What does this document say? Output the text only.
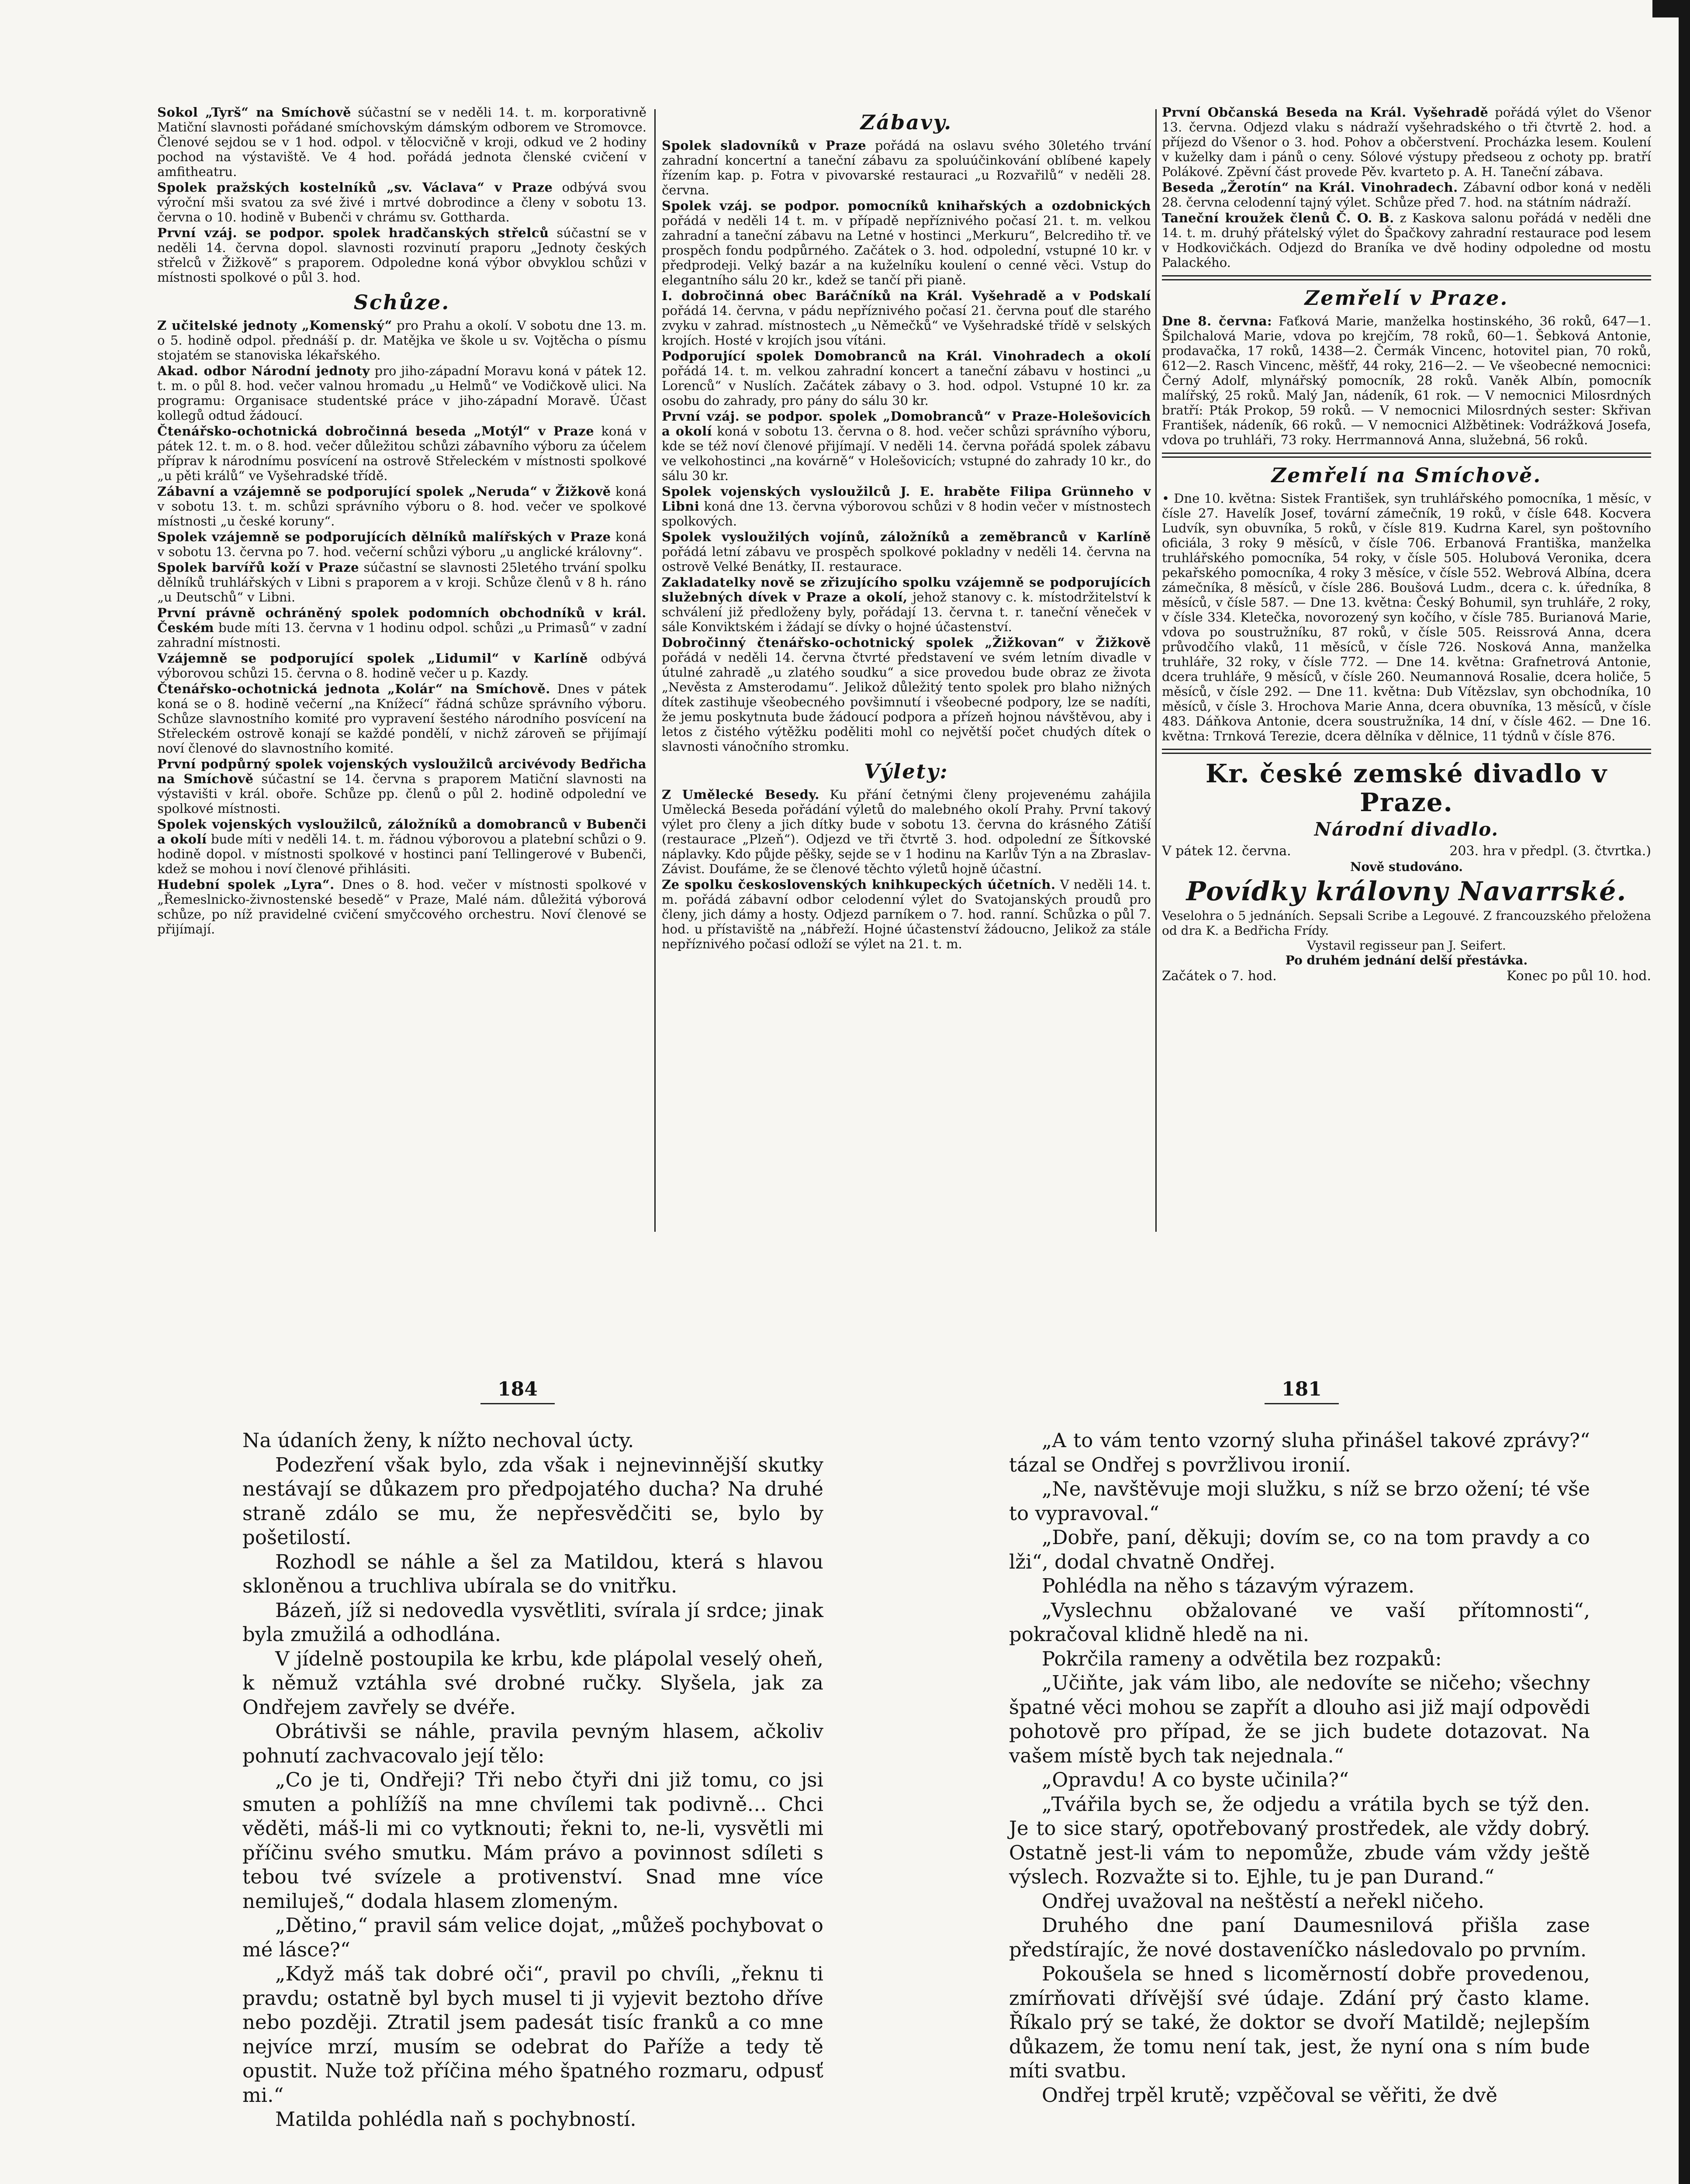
Sokol „Tyrš“ na Smíchově súčastní se v neděli 14. t. m. korporativně Matiční slavnosti pořádané smíchovským dámským odborem ve Stromovce. Členové sejdou se v 1 hod. odpol. v tělocvičně v kroji, odkud ve 2 hodiny pochod na výstaviště. Ve 4 hod. pořádá jednota členské cvičení v amfitheatru.

Spolek pražských kostelníků „sv. Václava“ v Praze odbývá svou výroční mši svatou za své živé i mrtvé dobrodince a členy v sobotu 13. června o 10. hodině v Bubenči v chrámu sv. Gottharda.

První vzáj. se podpor. spolek hradčanských střelců súčastní se v neděli 14. června dopol. slavnosti rozvinutí praporu „Jednoty českých střelců v Žižkově“ s praporem. Odpoledne koná výbor obvyklou schůzi v místnosti spolkové o půl 3. hod.

Schůze.

Z učitelské jednoty „Komenský“ pro Prahu a okolí. V sobotu dne 13. m. o 5. hodině odpol. přednáší p. dr. Matějka ve škole u sv. Vojtěcha o písmu stojatém se stanoviska lékařského.

Akad. odbor Národní jednoty pro jiho-západní Moravu koná v pátek 12. t. m. o půl 8. hod. večer valnou hromadu „u Helmů“ ve Vodičkově ulici. Na programu: Organisace studentské práce v jiho-západní Moravě. Účast kollegů odtud žádoucí.

Čtenářsko-ochotnická dobročinná beseda „Motýl“ v Praze koná v pátek 12. t. m. o 8. hod. večer důležitou schůzi zábavního výboru za účelem příprav k národnímu posvícení na ostrově Střeleckém v místnosti spolkové „u pěti králů“ ve Vyšehradské třídě.

Zábavní a vzájemně se podporující spolek „Neruda“ v Žižkově koná v sobotu 13. t. m. schůzi správního výboru o 8. hod. večer ve spolkové místnosti „u české koruny“.

Spolek vzájemně se podporujících dělníků malířských v Praze koná v sobotu 13. června po 7. hod. večerní schůzi výboru „u anglické královny“.

Spolek barvířů koží v Praze súčastní se slavnosti 25letého trvání spolku dělníků truhlářských v Libni s praporem a v kroji. Schůze členů v 8 h. ráno „u Deutschů“ v Libni.

První právně ochráněný spolek podomních obchodníků v král. Českém bude míti 13. června v 1 hodinu odpol. schůzi „u Primasů“ v zadní zahradní místnosti.

Vzájemně se podporující spolek „Lidumil“ v Karlíně odbývá výborovou schůzi 15. června o 8. hodině večer u p. Kazdy.

Čtenářsko-ochotnická jednota „Kolár“ na Smíchově. Dnes v pátek koná se o 8. hodině večerní „na Knížecí“ řádná schůze správního výboru. Schůze slavnostního komité pro vypravení šestého národního posvícení na Střeleckém ostrově konají se každé pondělí, v nichž zároveň se přijímají noví členové do slavnostního komité.

První podpůrný spolek vojenských vysloužilců arcivévody Bedřicha na Smíchově súčastní se 14. června s praporem Matiční slavnosti na výstavišti v král. oboře. Schůze pp. členů o půl 2. hodině odpolední ve spolkové místnosti.

Spolek vojenských vysloužilců, záložníků a domobranců v Bubenči a okolí bude míti v neděli 14. t. m. řádnou výborovou a platební schůzi o 9. hodině dopol. v místnosti spolkové v hostinci paní Tellingerové v Bubenči, kdež se mohou i noví členové přihlásiti.

Hudební spolek „Lyra“. Dnes o 8. hod. večer v místnosti spolkové v „Řemeslnicko-živnostenské besedě“ v Praze, Malé nám. důležitá výborová schůze, po níž pravidelné cvičení smyčcového orchestru. Noví členové se přijímají.

Zábavy.

Spolek sladovníků v Praze pořádá na oslavu svého 30letého trvání zahradní koncertní a taneční zábavu za spoluúčinkování oblíbené kapely řízením kap. p. Fotra v pivovarské restauraci „u Rozvařilů“ v neděli 28. června.

Spolek vzáj. se podpor. pomocníků knihařských a ozdobnických pořádá v neděli 14 t. m. v případě nepříznivého počasí 21. t. m. velkou zahradní a taneční zábavu na Letné v hostinci „Merkuru“, Belcrediho tř. ve prospěch fondu podpůrného. Začátek o 3. hod. odpolední, vstupné 10 kr. v předprodeji. Velký bazár a na kuželníku koulení o cenné věci. Vstup do elegantního sálu 20 kr., kdež se tančí při pianě.

I. dobročinná obec Baráčníků na Král. Vyšehradě a v Podskalí pořádá 14. června, v pádu nepříznivého počasí 21. června pouť dle starého zvyku v zahrad. místnostech „u Němečků“ ve Vyšehradské třídě v selských krojích. Hosté v krojích jsou vítáni.

Podporující spolek Domobranců na Král. Vinohradech a okolí pořádá 14. t. m. velkou zahradní koncert a taneční zábavu v hostinci „u Lorenců“ v Nuslích. Začátek zábavy o 3. hod. odpol. Vstupné 10 kr. za osobu do zahrady, pro pány do sálu 30 kr.

První vzáj. se podpor. spolek „Domobranců“ v Praze-Holešovicích a okolí koná v sobotu 13. června o 8. hod. večer schůzi správního výboru, kde se též noví členové přijímají. V neděli 14. června pořádá spolek zábavu ve velkohostinci „na kovárně“ v Holešovicích; vstupné do zahrady 10 kr., do sálu 30 kr.

Spolek vojenských vysloužilců J. E. hraběte Filipa Grünneho v Libni koná dne 13. června výborovou schůzi v 8 hodin večer v místnostech spolkových.

Spolek vysloužilých vojínů, záložníků a zeměbranců v Karlíně pořádá letní zábavu ve prospěch spolkové pokladny v neděli 14. června na ostrově Velké Benátky, II. restaurace.

Zakladatelky nově se zřizujícího spolku vzájemně se podporujících služebných dívek v Praze a okolí, jehož stanovy c. k. místodržitelství k schválení již předloženy byly, pořádají 13. června t. r. taneční věneček v sále Konviktském i žádají se dívky o hojné účastenství.

Dobročinný čtenářsko-ochotnický spolek „Žižkovan“ v Žižkově pořádá v neděli 14. června čtvrté představení ve svém letním divadle v útulné zahradě „u zlatého soudku“ a sice provedou bude obraz ze života „Nevěsta z Amsterodamu“. Jelikož důležitý tento spolek pro blaho nižných dítek zastihuje všeobecného povšimnutí i všeobecné podpory, lze se nadíti, že jemu poskytnuta bude žádoucí podpora a přízeň hojnou návštěvou, aby i letos z čistého výtěžku poděliti mohl co největší počet chudých dítek o slavnosti vánočního stromku.

Výlety:

Z Umělecké Besedy. Ku přání četnými členy projevenému zahájila Umělecká Beseda pořádání výletů do malebného okolí Prahy. První takový výlet pro členy a jich dítky bude v sobotu 13. června do krásného Zátiší (restaurace „Plzeň“). Odjezd ve tři čtvrtě 3. hod. odpolední ze Šítkovské náplavky. Kdo půjde pěšky, sejde se v 1 hodinu na Karlův Týn a na Zbraslav-Závist. Doufáme, že se členové těchto výletů hojně účastní.

Ze spolku československých knihkupeckých účetních. V neděli 14. t. m. pořádá zábavní odbor celodenní výlet do Svatojanských proudů pro členy, jich dámy a hosty. Odjezd parníkem o 7. hod. ranní. Schůzka o půl 7. hod. u přístaviště na „nábřeží. Hojné účastenství žádoucno, Jelikož za stále nepříznivého počasí odloží se výlet na 21. t. m.

První Občanská Beseda na Král. Vyšehradě pořádá výlet do Všenor 13. června. Odjezd vlaku s nádraží vyšehradského o tři čtvrtě 2. hod. a příjezd do Všenor o 3. hod. Pohov a občerstvení. Procházka lesem. Koulení v kuželky dam i pánů o ceny. Sólové výstupy předseou z ochoty pp. bratří Polákové. Zpěvní část provede Pěv. kvarteto p. A. H. Taneční zábava.

Beseda „Žerotín“ na Král. Vinohradech. Zábavní odbor koná v neděli 28. června celodenní tajný výlet. Schůze před 7. hod. na státním nádraží.

Taneční kroužek členů Č. O. B. z Kaskova salonu pořádá v neděli dne 14. t. m. druhý přátelský výlet do Špačkovy zahradní restaurace pod lesem v Hodkovičkách. Odjezd do Braníka ve dvě hodiny odpoledne od mostu Palackého.

Zemřelí v Praze.

Dne 8. června: Faťková Marie, manželka hostinského, 36 roků, 647—1. Špilchalová Marie, vdova po krejčím, 78 roků, 60—1. Šebková Antonie, prodavačka, 17 roků, 1438—2. Čermák Vincenc, hotovitel pian, 70 roků, 612—2. Rasch Vincenc, měšťř, 44 roky, 216—2. — Ve všeobecné nemocnici: Černý Adolf, mlynářský pomocník, 28 roků. Vaněk Albín, pomocník malířský, 25 roků. Malý Jan, nádeník, 61 rok. — V nemocnici Milosrdných bratří: Pták Prokop, 59 roků. — V nemocnici Milosrdných sester: Skřivan František, nádeník, 66 roků. — V nemocnici Alžbětinek: Vodrážková Josefa, vdova po truhláři, 73 roky. Herrmannová Anna, služebná, 56 roků.

Zemřelí na Smíchově.

• Dne 10. května: Sistek František, syn truhlářského pomocníka, 1 měsíc, v čísle 27. Havelík Josef, tovární zámečník, 19 roků, v čísle 648. Kocvera Ludvík, syn obuvníka, 5 roků, v čísle 819. Kudrna Karel, syn poštovního oficiála, 3 roky 9 měsíců, v čísle 706. Erbanová Františka, manželka truhlářského pomocníka, 54 roky, v čísle 505. Holubová Veronika, dcera pekařského pomocníka, 4 roky 3 měsíce, v čísle 552. Webrová Albína, dcera zámečníka, 8 měsíců, v čísle 286. Boušová Ludm., dcera c. k. úředníka, 8 měsíců, v čísle 587. — Dne 13. května: Český Bohumil, syn truhláře, 2 roky, v čísle 334. Kletečka, novorozený syn kočího, v čísle 785. Burianová Marie, vdova po soustružníku, 87 roků, v čísle 505. Reissrová Anna, dcera průvodčího vlaků, 11 měsíců, v čísle 726. Nosková Anna, manželka truhláře, 32 roky, v čísle 772. — Dne 14. května: Grafnetrová Antonie, dcera truhláře, 9 měsíců, v čísle 260. Neumannová Rosalie, dcera holiče, 5 měsíců, v čísle 292. — Dne 11. května: Dub Vítězslav, syn obchodníka, 10 měsíců, v čísle 3. Hrochova Marie Anna, dcera obuvníka, 13 měsíců, v čísle 483. Dáňkova Antonie, dcera soustružníka, 14 dní, v čísle 462. — Dne 16. května: Trnková Terezie, dcera dělníka v dělnice, 11 týdnů v čísle 876.

Kr. české zemské divadlo v Praze.
Národní divadlo.
V pátek 12. června.	203. hra v předpl. (3. čtvrtka.)
Nově studováno.
Povídky královny Navarrské.
Veselohra o 5 jednáních. Sepsali Scribe a Legouvé. Z francouzského přeložena od dra K. a Bedřicha Frídy.
Vystavil regisseur pan J. Seifert.
Po druhém jednání delší přestávka.
Začátek o 7. hod.	Konec po půl 10. hod.
184	181

Na údaních ženy, k nížto nechoval úcty.

Podezření však bylo, zda však i nejnevinnější skutky nestávají se důkazem pro předpojatého ducha? Na druhé straně zdálo se mu, že nepřesvědčiti se, bylo by pošetilostí.

Rozhodl se náhle a šel za Matildou, která s hlavou skloněnou a truchliva ubírala se do vnitřku.

Bázeň, jíž si nedovedla vysvětliti, svírala jí srdce; jinak byla zmužilá a odhodlána.

V jídelně postoupila ke krbu, kde plápolal veselý oheň, k němuž vztáhla své drobné ručky. Slyšela, jak za Ondřejem zavřely se dvéře.

Obrátivši se náhle, pravila pevným hlasem, ačkoliv pohnutí zachvacovalo její tělo:

„Co je ti, Ondřeji? Tři nebo čtyři dni již tomu, co jsi smuten a pohlížíš na mne chvílemi tak podivně… Chci věděti, máš-li mi co vytknouti; řekni to, ne-li, vysvětli mi příčinu svého smutku. Mám právo a povinnost sdíleti s tebou tvé svízele a protivenství. Snad mne více nemiluješ,“ dodala hlasem zlomeným.

„Dětino,“ pravil sám velice dojat, „můžeš pochybovat o mé lásce?“

„Když máš tak dobré oči“, pravil po chvíli, „řeknu ti pravdu; ostatně byl bych musel ti ji vyjevit beztoho dříve nebo později. Ztratil jsem padesát tisíc franků a co mne nejvíce mrzí, musím se odebrat do Paříže a tedy tě opustit. Nuže tož příčina mého špatného rozmaru, odpusť mi.“

Matilda pohlédla naň s pochybností.

„A to vám tento vzorný sluha přinášel takové zprávy?“ tázal se Ondřej s povržlivou ironií.

„Ne, navštěvuje moji služku, s níž se brzo ožení; té vše to vypravoval.“

„Dobře, paní, děkuji; dovím se, co na tom pravdy a co lži“, dodal chvatně Ondřej.

Pohlédla na něho s tázavým výrazem.

„Vyslechnu obžalované ve vaší přítomnosti“, pokračoval klidně hledě na ni.

Pokrčila rameny a odvětila bez rozpaků:

„Učiňte, jak vám libo, ale nedovíte se ničeho; všechny špatné věci mohou se zapřít a dlouho asi již mají odpovědi pohotově pro případ, že se jich budete dotazovat. Na vašem místě bych tak nejednala.“

„Opravdu! A co byste učinila?“

„Tvářila bych se, že odjedu a vrátila bych se týž den. Je to sice starý, opotřebovaný prostředek, ale vždy dobrý. Ostatně jest-li vám to nepomůže, zbude vám vždy ještě výslech. Rozvažte si to. Ejhle, tu je pan Durand.“

Ondřej uvažoval na neštěstí a neřekl ničeho.

Druhého dne paní Daumesnilová přišla zase předstírajíc, že nové dostaveníčko následovalo po prvním.

Pokoušela se hned s licoměrností dobře provedenou, zmírňovati dřívější své údaje. Zdání prý často klame. Říkalo prý se také, že doktor se dvoří Matildě; nejlepším důkazem, že tomu není tak, jest, že nyní ona s ním bude míti svatbu.

Ondřej trpěl krutě; vzpěčoval se věřiti, že dvě
